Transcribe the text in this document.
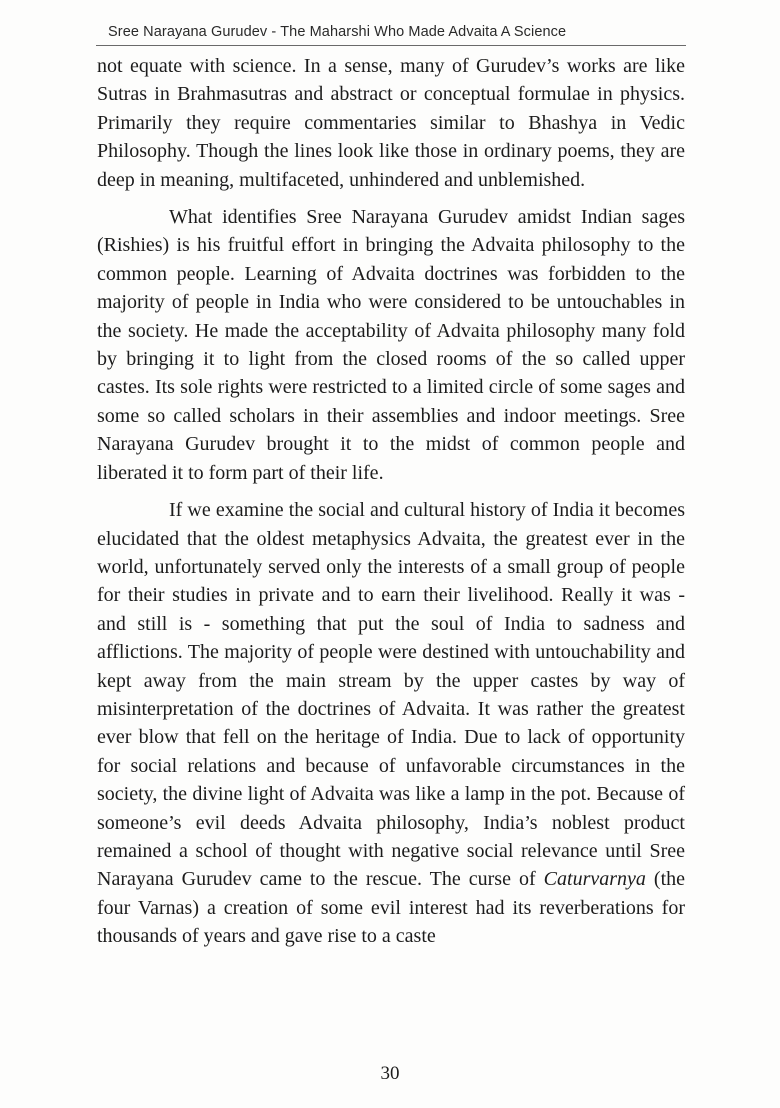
Sree Narayana Gurudev - The Maharshi Who Made Advaita A Science

not equate with science. In a sense, many of Gurudev’s works are like Sutras in Brahmasutras and abstract or conceptual formulae in physics. Primarily they require commentaries similar to Bhashya in Vedic Philosophy. Though the lines look like those in ordinary poems, they are deep in meaning, multifaceted, unhindered and unblemished.

What identifies Sree Narayana Gurudev amidst Indian sages (Rishies) is his fruitful effort in bringing the Advaita philosophy to the common people. Learning of Advaita doctrines was forbidden to the majority of people in India who were considered to be untouchables in the society. He made the acceptability of Advaita philosophy many fold by bringing it to light from the closed rooms of the so called upper castes. Its sole rights were restricted to a limited circle of some sages and some so called scholars in their assemblies and indoor meetings. Sree Narayana Gurudev brought it to the midst of common people and liberated it to form part of their life.

If we examine the social and cultural history of India it becomes elucidated that the oldest metaphysics Advaita, the greatest ever in the world, unfortunately served only the interests of a small group of people for their studies in private and to earn their livelihood. Really it was - and still is - something that put the soul of India to sadness and afflictions. The majority of people were destined with untouchability and kept away from the main stream by the upper castes by way of misinterpretation of the doctrines of Advaita. It was rather the greatest ever blow that fell on the heritage of India. Due to lack of opportunity for social relations and because of unfavorable circumstances in the society, the divine light of Advaita was like a lamp in the pot. Because of someone’s evil deeds Advaita philosophy, India’s noblest product remained a school of thought with negative social relevance until Sree Narayana Gurudev came to the rescue. The curse of Caturvarnya (the four Varnas) a creation of some evil interest had its reverberations for thousands of years and gave rise to a caste

30
